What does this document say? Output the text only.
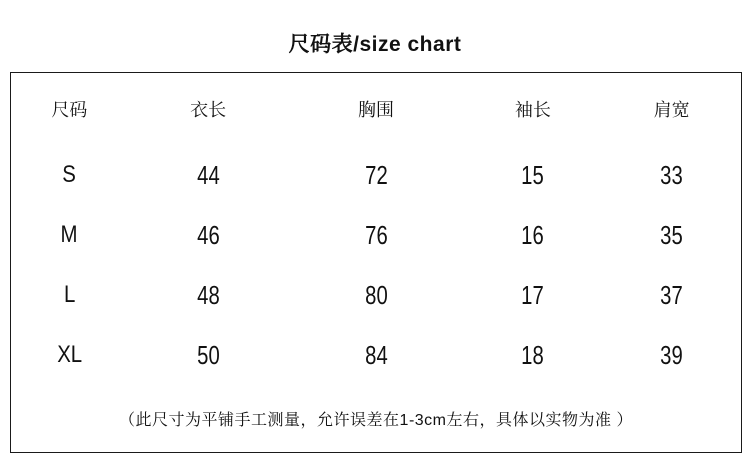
尺码表/size chart
尺码	衣长	胸围	袖长	肩宽
S	44	72	15	33
M	46	76	16	35
L	48	80	17	37
XL	50	84	18	39
（此尺寸为平铺手工测量，允许误差在1-3cm左右，具体以实物为准 ）
